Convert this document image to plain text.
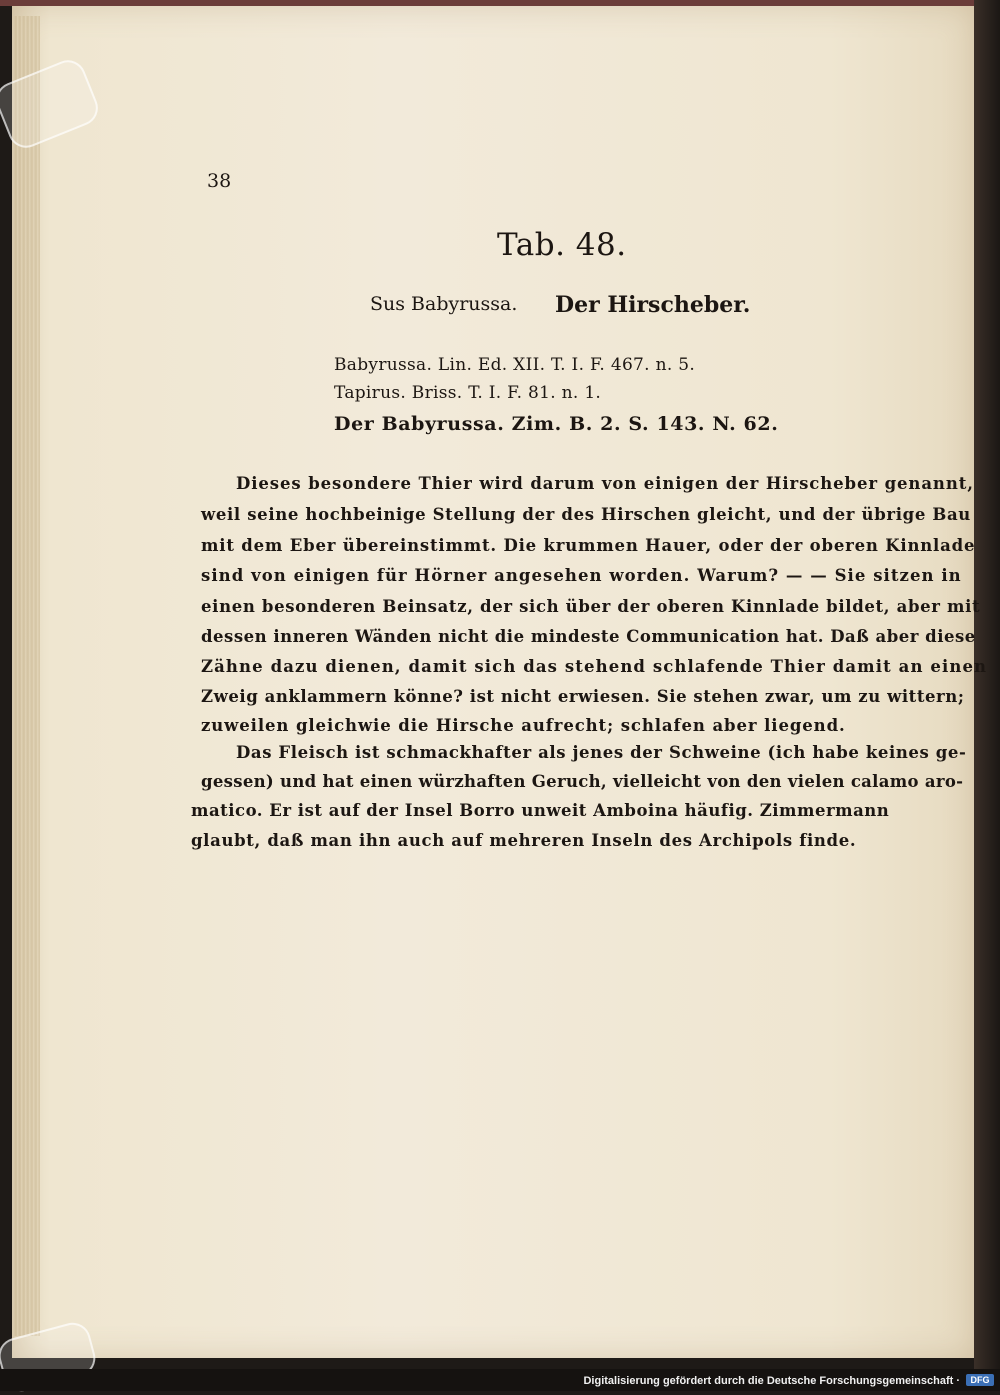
38
Tab. 48.
Sus Babyrussa. Der Hirscheber.
Babyrussa. Lin. Ed. XII. T. I. F. 467. n. 5.
Tapirus. Briss. T. I. F. 81. n. 1.
Der Babyrussa. Zim. B. 2. S. 143. N. 62.
Dieses besondere Thier wird darum von einigen der Hirscheber genannt,
weil seine hochbeinige Stellung der des Hirschen gleicht, und der übrige Bau
mit dem Eber übereinstimmt. Die krummen Hauer, oder der oberen Kinnlade
sind von einigen für Hörner angesehen worden. Warum? — — Sie sitzen in
einen besonderen Beinsatz, der sich über der oberen Kinnlade bildet, aber mit
dessen inneren Wänden nicht die mindeste Communication hat. Daß aber diese
Zähne dazu dienen, damit sich das stehend schlafende Thier damit an einen
Zweig anklammern könne? ist nicht erwiesen. Sie stehen zwar, um zu wittern;
zuweilen gleichwie die Hirsche aufrecht; schlafen aber liegend.
Das Fleisch ist schmackhafter als jenes der Schweine (ich habe keines ge-
gessen) und hat einen würzhaften Geruch, vielleicht von den vielen calamo aro-
matico. Er ist auf der Insel Borro unweit Amboina häufig. Zimmermann
glaubt, daß man ihn auch auf mehreren Inseln des Archipols finde.
Digitalisierung gefördert durch die Deutsche Forschungsgemeinschaft ·	DFG
